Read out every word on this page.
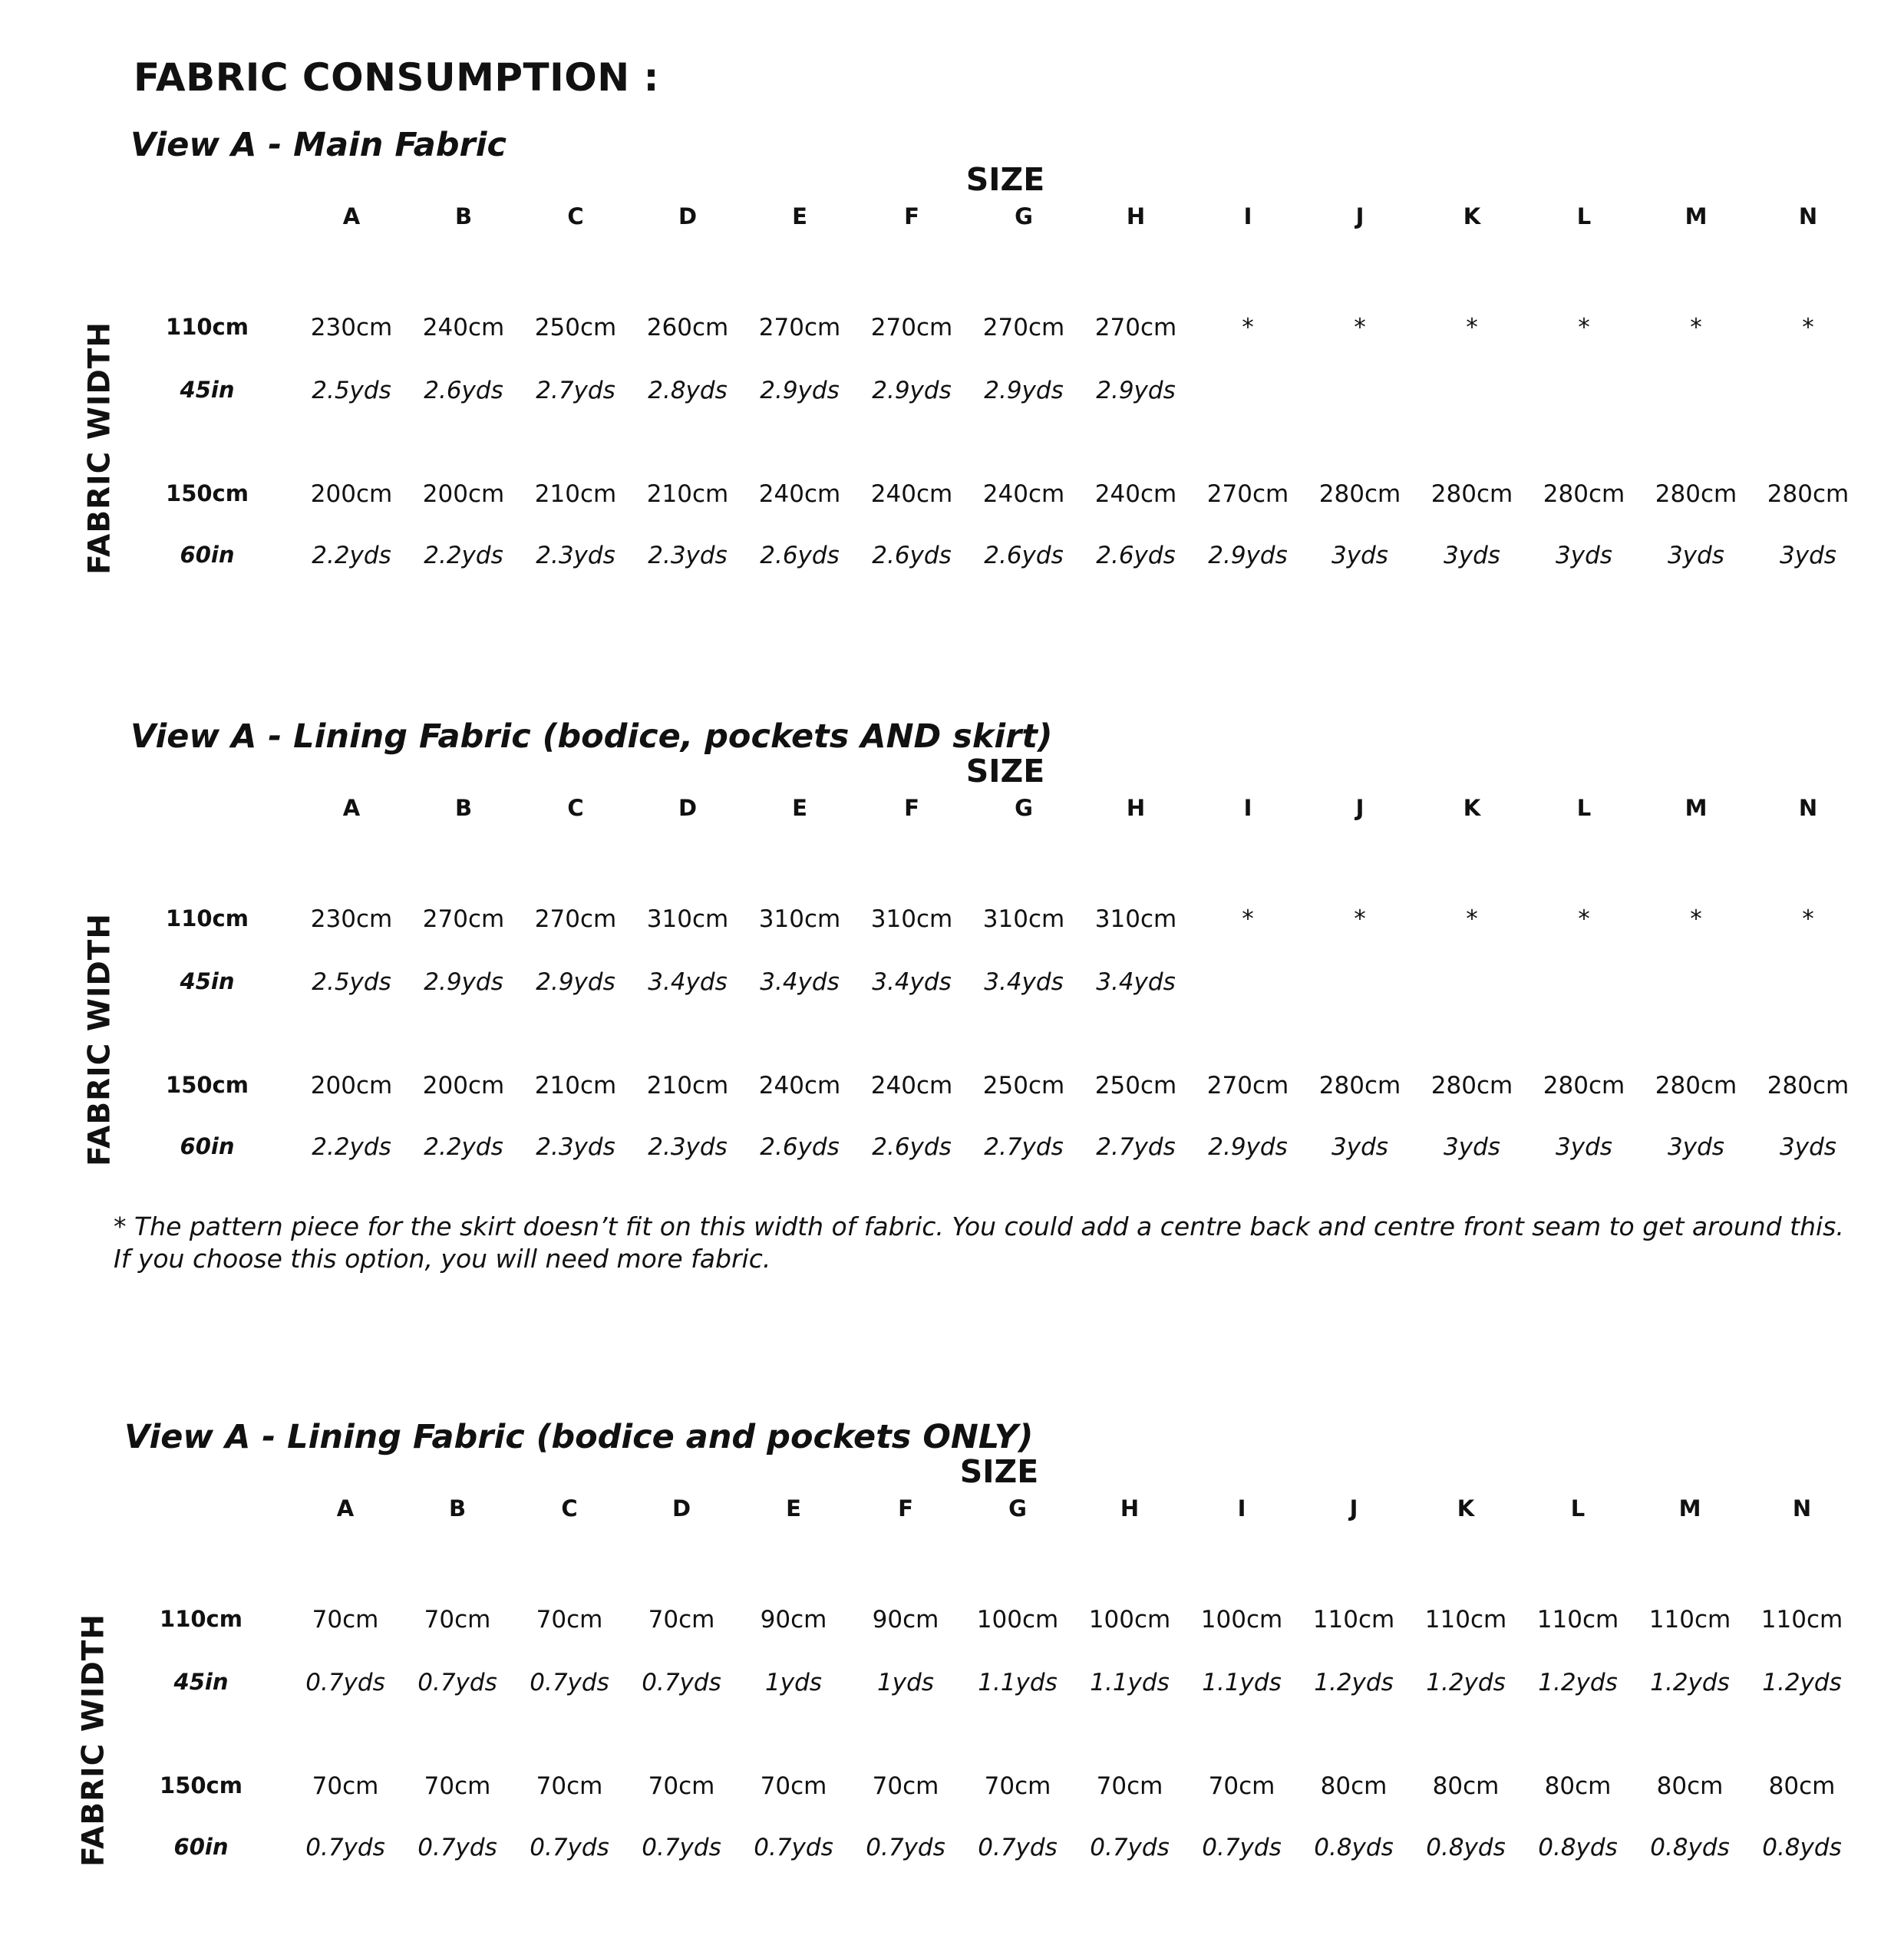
FABRIC CONSUMPTION :
View A - Main Fabric
SIZE
FABRIC WIDTH
A	B	C	D	E	F	G	H	I	J	K	L	M	N
110cm
45in
150cm
60in
230cm	240cm	250cm	260cm	270cm	270cm	270cm	270cm	*	*	*	*	*	*
2.5yds	2.6yds	2.7yds	2.8yds	2.9yds	2.9yds	2.9yds	2.9yds
200cm	200cm	210cm	210cm	240cm	240cm	240cm	240cm	270cm	280cm	280cm	280cm	280cm	280cm
2.2yds	2.2yds	2.3yds	2.3yds	2.6yds	2.6yds	2.6yds	2.6yds	2.9yds	3yds	3yds	3yds	3yds	3yds
View A - Lining Fabric (bodice, pockets AND skirt)
SIZE
FABRIC WIDTH
A	B	C	D	E	F	G	H	I	J	K	L	M	N
110cm
45in
150cm
60in
230cm	270cm	270cm	310cm	310cm	310cm	310cm	310cm	*	*	*	*	*	*
2.5yds	2.9yds	2.9yds	3.4yds	3.4yds	3.4yds	3.4yds	3.4yds
200cm	200cm	210cm	210cm	240cm	240cm	250cm	250cm	270cm	280cm	280cm	280cm	280cm	280cm
2.2yds	2.2yds	2.3yds	2.3yds	2.6yds	2.6yds	2.7yds	2.7yds	2.9yds	3yds	3yds	3yds	3yds	3yds
View A - Lining Fabric (bodice and pockets ONLY)
SIZE
FABRIC WIDTH
A	B	C	D	E	F	G	H	I	J	K	L	M	N
110cm
45in
150cm
60in
70cm	70cm	70cm	70cm	90cm	90cm	100cm	100cm	100cm	110cm	110cm	110cm	110cm	110cm
0.7yds	0.7yds	0.7yds	0.7yds	1yds	1yds	1.1yds	1.1yds	1.1yds	1.2yds	1.2yds	1.2yds	1.2yds	1.2yds
70cm	70cm	70cm	70cm	70cm	70cm	70cm	70cm	70cm	80cm	80cm	80cm	80cm	80cm
0.7yds	0.7yds	0.7yds	0.7yds	0.7yds	0.7yds	0.7yds	0.7yds	0.7yds	0.8yds	0.8yds	0.8yds	0.8yds	0.8yds
* The pattern piece for the skirt doesn’t fit on this width of fabric. You could add a centre back and centre front seam to get around this.
If you choose this option, you will need more fabric.
